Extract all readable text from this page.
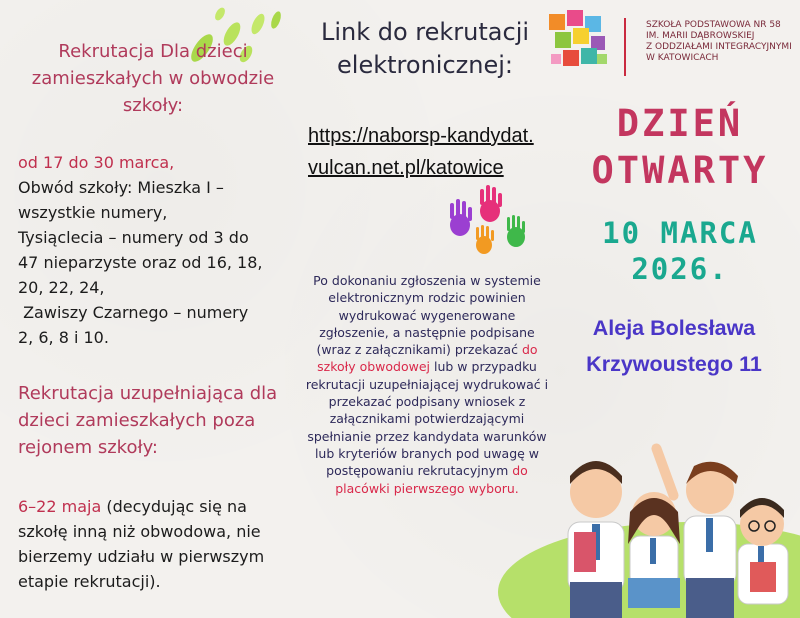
Rekrutacja Dla dzieci zamieszkałych w obwodzie szkoły:
od 17 do 30 marca,
Obwód szkoły: Mieszka I –
wszystkie numery,
Tysiąclecia – numery od 3 do
47 nieparzyste oraz od 16, 18,
20, 22, 24,
Zawiszy Czarnego – numery
2, 6, 8 i 10.
Rekrutacja uzupełniająca dla dzieci zamieszkałych poza rejonem szkoły:
6–22 maja (decydując się na szkołę inną niż obwodowa, nie bierzemy udziału w pierwszym etapie rekrutacji).
Link do rekrutacji elektronicznej:
https://naborsp-kandydat.vulcan.net.pl/katowice
Po dokonaniu zgłoszenia w systemie elektronicznym rodzic powinien wydrukować wygenerowane zgłoszenie, a następnie podpisane (wraz z załącznikami) przekazać do szkoły obwodowej lub w przypadku rekrutacji uzupełniającej wydrukować i przekazać podpisany wniosek z załącznikami potwierdzającymi spełnianie przez kandydata warunków lub kryteriów branych pod uwagę w postępowaniu rekrutacyjnym do placówki pierwszego wyboru.
SZKOŁA PODSTAWOWA NR 58
IM. MARII DĄBROWSKIEJ
Z ODDZIAŁAMI INTEGRACYJNYMI
W KATOWICACH
DZIEŃ
OTWARTY
10 MARCA
2026.
Aleja Bolesława
Krzywoustego 11
